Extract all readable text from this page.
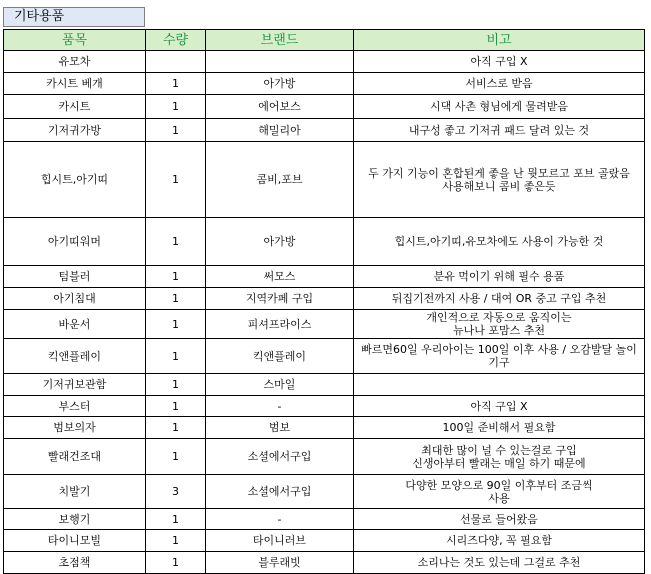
기타용품
품목	수량	브랜드	비고
유모차			아직 구입 X
카시트 베개	1	아가방	서비스로 받음
카시트	1	에어보스	시댁 사촌 형님에게 물려받음
기저귀가방	1	해밀리아	내구성 좋고 기저귀 패드 달려 있는 것
힙시트,아기띠	1	콤비,포브	두 가지 기능이 혼합된게 좋을 난 뭣모르고 포브 골랐음
사용해보니 콤비 좋은듯
아기띠워머	1	아가방	힙시트,아기띠,유모차에도 사용이 가능한 것
텀블러	1	써모스	분유 먹이기 위해 필수 용품
아기침대	1	지역카페 구입	뒤집기전까지 사용 / 대여 OR 중고 구입 추천
바운서	1	피셔프라이스	개인적으로 자동으로 움직이는
뉴나나 포맘스 추천
킥앤플레이	1	킥앤플레이	빠르면60일 우리아이는 100일 이후 사용 / 오감발달 놀이 기구
기저귀보관함	1	스마일	
부스터	1	-	아직 구입 X
범보의자	1	범보	100일 준비해서 필요함
빨래건조대	1	소셜에서구입	최대한 많이 널 수 있는걸로 구입
신생아부터 빨래는 매일 하기 때문에
치발기	3	소셜에서구입	다양한 모양으로 90일 이후부터 조금씩
사용
보행기	1	-	선물로 들어왔음
타이니모빌	1	타이니러브	시리즈다양, 꼭 필요함
초점책	1	블루래빗	소리나는 것도 있는데 그걸로 추천
